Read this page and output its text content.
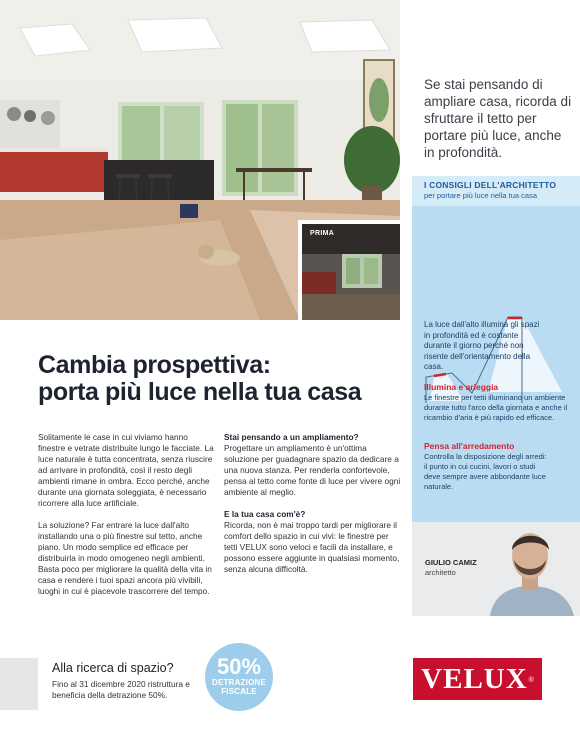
PRIMA
Se stai pensando di ampliare casa, ricorda di sfruttare il tetto per portare più luce, anche in profondità.
I CONSIGLI DELL'ARCHITETTO
per portare più luce nella tua casa
La luce dall'alto illumina gli spazi in profondità ed è costante durante il giorno perché non risente dell'orientamento della casa.
Illumina e arieggia
Le finestre per tetti illuminano un ambiente durante tutto l'arco della giornata e anche il ricambio d'aria è più rapido ed efficace.
Pensa all'arredamento
Controlla la disposizione degli arredi: il punto in cui cucini, lavori o studi deve sempre avere abbondante luce naturale.
GIULIO CAMIZ
architetto
Cambia prospettiva:
porta più luce nella tua casa

Solitamente le case in cui viviamo hanno finestre e vetrate distribuite lungo le facciate. La luce naturale è tutta concentrata, senza riuscire ad arrivare in profondità, così il resto degli ambienti rimane in ombra. Ecco perché, anche durante una giornata soleggiata, è necessario ricorrere alla luce artificiale.

La soluzione? Far entrare la luce dall'alto installando una o più finestre sul tetto, anche piano. Un modo semplice ed efficace per distribuirla in modo omogeneo negli ambienti. Basta poco per migliorare la qualità della vita in casa e rendere i tuoi spazi ancora più vivibili, luoghi in cui è piacevole trascorrere del tempo.

Stai pensando a un ampliamento?

Progettare un ampliamento è un'ottima soluzione per guadagnare spazio da dedicare a una nuova stanza. Per renderla confortevole, pensa al tetto come fonte di luce per vivere ogni ambiente al meglio.

E la tua casa com'è?

Ricorda, non è mai troppo tardi per migliorare il comfort dello spazio in cui vivi: le finestre per tetti VELUX sono veloci e facili da installare, e possono essere aggiunte in qualsiasi momento, senza alcuna difficoltà.

Alla ricerca di spazio?
Fino al 31 dicembre 2020 ristruttura e beneficia della detrazione 50%.
50%
DETRAZIONE
FISCALE	VELUX®
